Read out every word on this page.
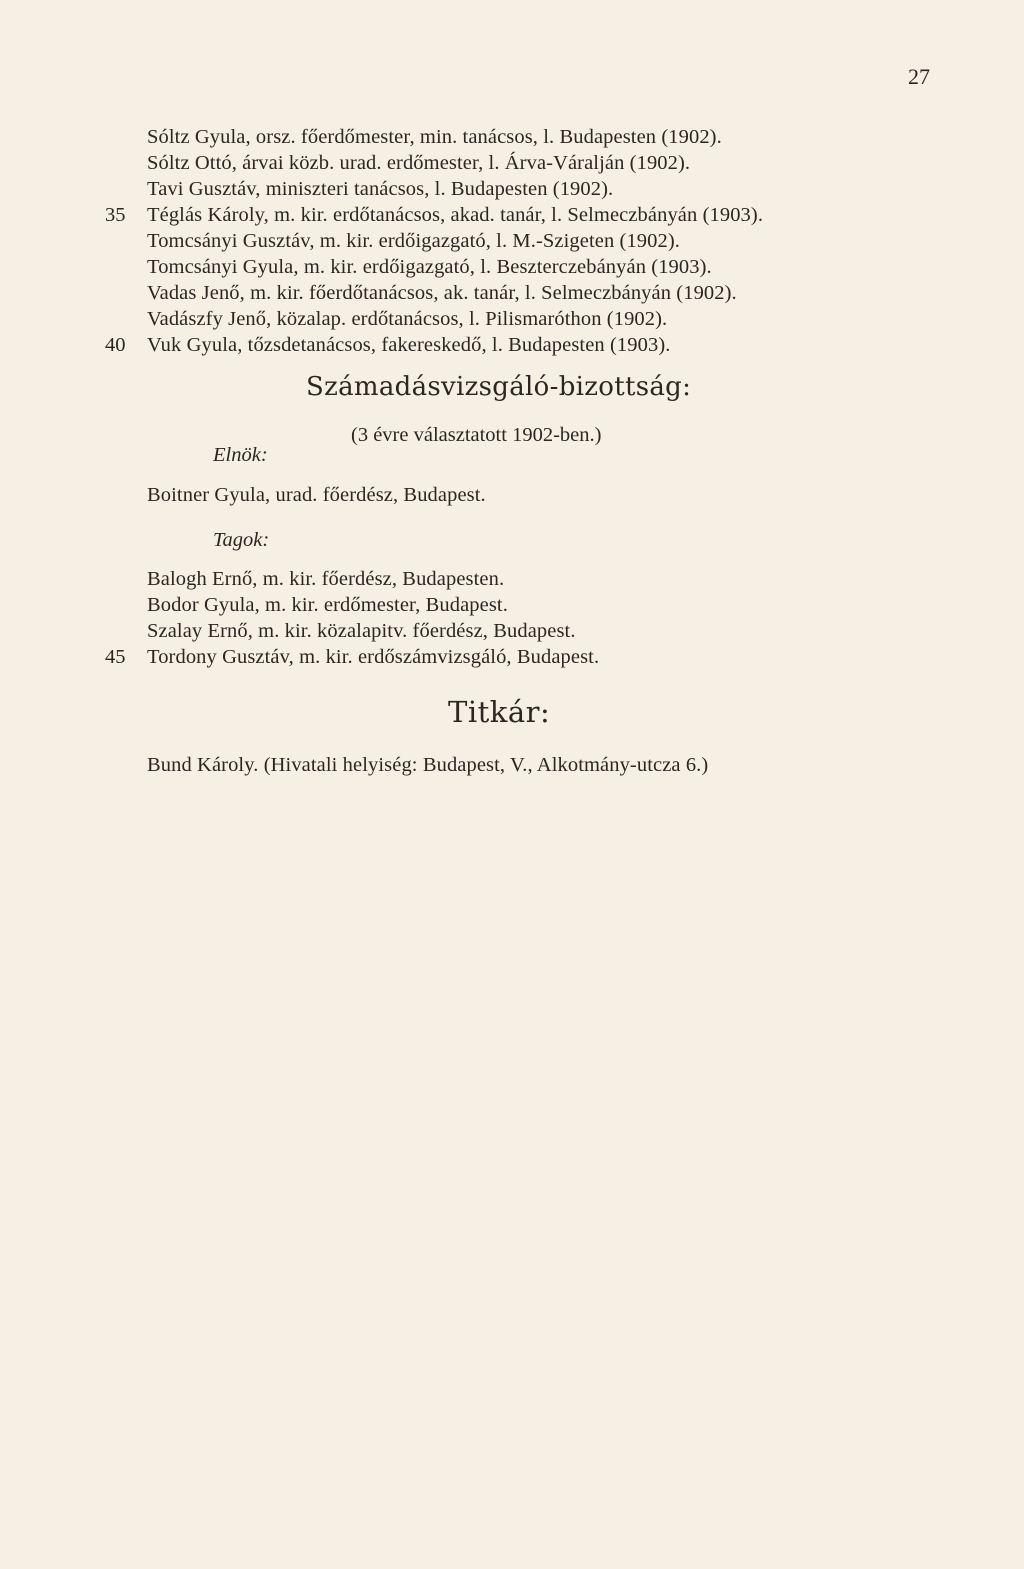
27
Sóltz Gyula, orsz. főerdőmester, min. tanácsos, l. Budapesten (1902).
Sóltz Ottó, árvai közb. urad. erdőmester, l. Árva-Váralján (1902).
Tavi Gusztáv, miniszteri tanácsos, l. Budapesten (1902).
35	Téglás Károly, m. kir. erdőtanácsos, akad. tanár, l. Selmeczbányán (1903).
Tomcsányi Gusztáv, m. kir. erdőigazgató, l. M.-Szigeten (1902).
Tomcsányi Gyula, m. kir. erdőigazgató, l. Beszterczebányán (1903).
Vadas Jenő, m. kir. főerdőtanácsos, ak. tanár, l. Selmeczbányán (1902).
Vadászfy Jenő, közalap. erdőtanácsos, l. Pilismaróthon (1902).
40	Vuk Gyula, tőzsdetanácsos, fakereskedő, l. Budapesten (1903).
Számadásvizsgáló-bizottság:
(3 évre választatott 1902-ben.)
Elnök:
Boitner Gyula, urad. főerdész, Budapest.
Tagok:
Balogh Ernő, m. kir. főerdész, Budapesten.
Bodor Gyula, m. kir. erdőmester, Budapest.
Szalay Ernő, m. kir. közalapitv. főerdész, Budapest.
45	Tordony Gusztáv, m. kir. erdőszámvizsgáló, Budapest.
Titkár:
Bund Károly. (Hivatali helyiség: Budapest, V., Alkotmány-utcza 6.)
